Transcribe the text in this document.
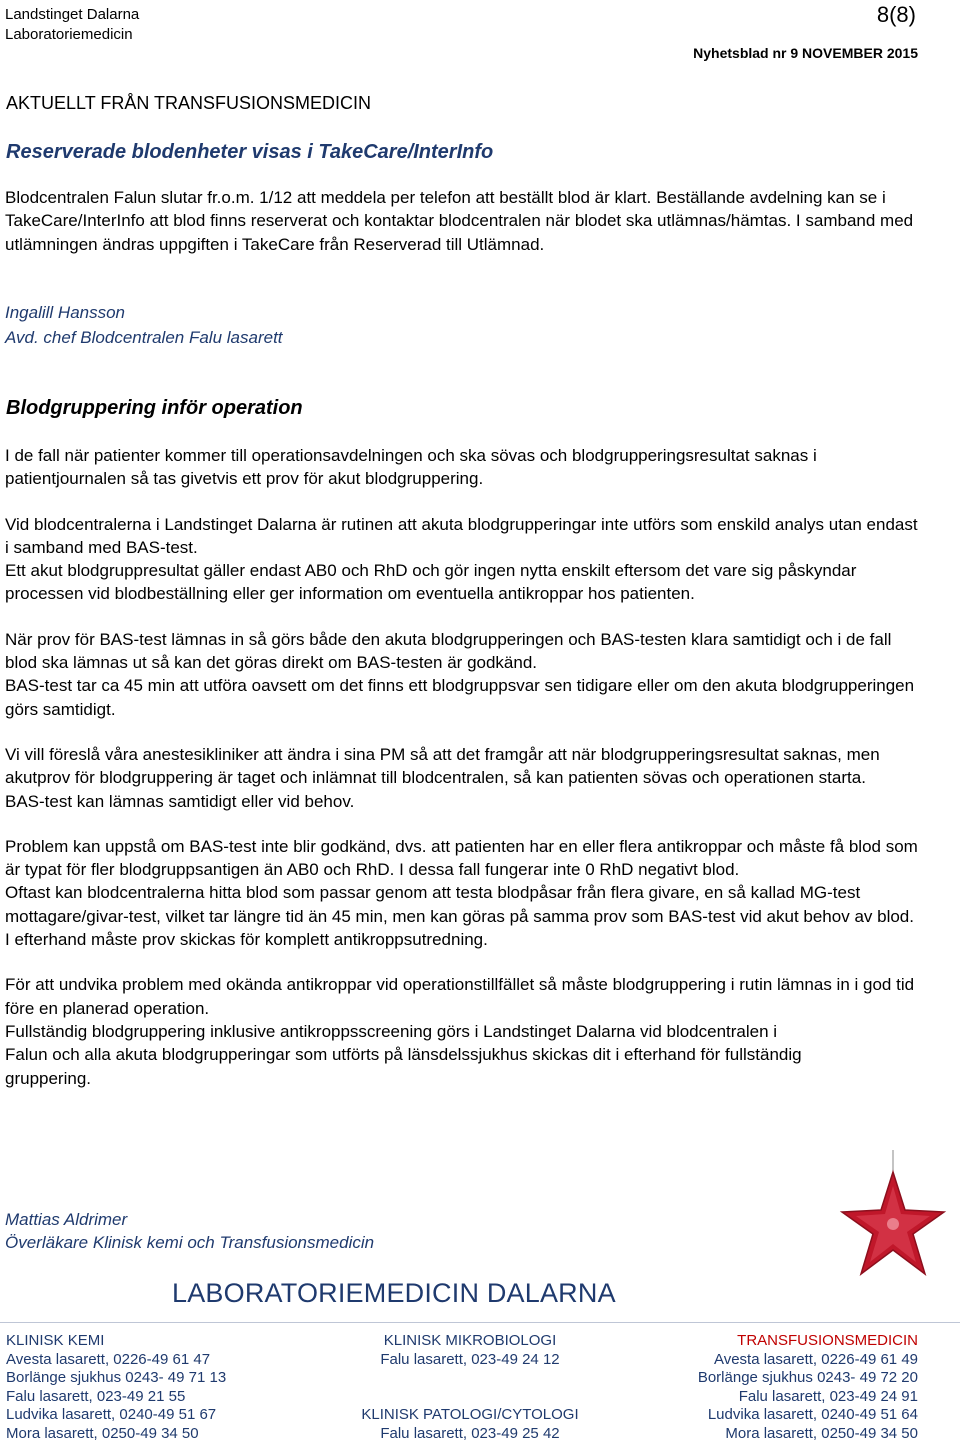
Landstinget Dalarna
Laboratoriemedicin
8(8)
Nyhetsblad nr 9 NOVEMBER 2015
AKTUELLT FRÅN TRANSFUSIONSMEDICIN
Reserverade blodenheter visas i TakeCare/InterInfo

Blodcentralen Falun slutar fr.o.m. 1/12 att meddela per telefon att beställt blod är klart. Beställande avdelning kan se i TakeCare/InterInfo att blod finns reserverat och kontaktar blodcentralen när blodet ska utlämnas/hämtas. I samband med utlämningen ändras uppgiften i TakeCare från Reserverad till Utlämnad.

Ingalill Hansson
Avd. chef Blodcentralen Falu lasarett
Blodgruppering inför operation

I de fall när patienter kommer till operationsavdelningen och ska sövas och blodgrupperingsresultat saknas i patientjournalen så tas givetvis ett prov för akut blodgruppering.

Vid blodcentralerna i Landstinget Dalarna är rutinen att akuta blodgrupperingar inte utförs som enskild analys utan endast i samband med BAS-test.

Ett akut blodgruppresultat gäller endast AB0 och RhD och gör ingen nytta enskilt eftersom det vare sig påskyndar processen vid blodbeställning eller ger information om eventuella antikroppar hos patienten.

När prov för BAS-test lämnas in så görs både den akuta blodgrupperingen och BAS-testen klara samtidigt och i de fall blod ska lämnas ut så kan det göras direkt om BAS-testen är godkänd.

BAS-test tar ca 45 min att utföra oavsett om det finns ett blodgruppsvar sen tidigare eller om den akuta blodgrupperingen görs samtidigt.

Vi vill föreslå våra anestesikliniker att ändra i sina PM så att det framgår att när blodgrupperingsresultat saknas, men akutprov för blodgruppering är taget och inlämnat till blodcentralen, så kan patienten sövas och operationen starta.

BAS-test kan lämnas samtidigt eller vid behov.

Problem kan uppstå om BAS-test inte blir godkänd, dvs. att patienten har en eller flera antikroppar och måste få blod som är typat för fler blodgruppsantigen än AB0 och RhD. I dessa fall fungerar inte 0 RhD negativt blod.

Oftast kan blodcentralerna hitta blod som passar genom att testa blodpåsar från flera givare, en så kallad MG-test mottagare/givar-test, vilket tar längre tid än 45 min, men kan göras på samma prov som BAS-test vid akut behov av blod.

I efterhand måste prov skickas för komplett antikroppsutredning.

För att undvika problem med okända antikroppar vid operationstillfället så måste blodgruppering i rutin lämnas in i god tid före en planerad operation.

Fullständig blodgruppering inklusive antikroppsscreening görs i Landstinget Dalarna vid blodcentralen i Falun och alla akuta blodgrupperingar som utförts på länsdelssjukhus skickas dit i efterhand för fullständig gruppering.

Mattias Aldrimer
Överläkare Klinisk kemi och Transfusionsmedicin
LABORATORIEMEDICIN DALARNA
KLINISK KEMI
Avesta lasarett, 0226-49 61 47
Borlänge sjukhus 0243- 49 71 13
Falu lasarett, 023-49 21 55
Ludvika lasarett, 0240-49 51 67
Mora lasarett, 0250-49 34 50
KLINISK MIKROBIOLOGI
Falu lasarett, 023-49 24 12

KLINISK PATOLOGI/CYTOLOGI
Falu lasarett, 023-49 25 42
TRANSFUSIONSMEDICIN
Avesta lasarett, 0226-49 61 49
Borlänge sjukhus 0243- 49 72 20
Falu lasarett, 023-49 24 91
Ludvika lasarett, 0240-49 51 64
Mora lasarett, 0250-49 34 50
